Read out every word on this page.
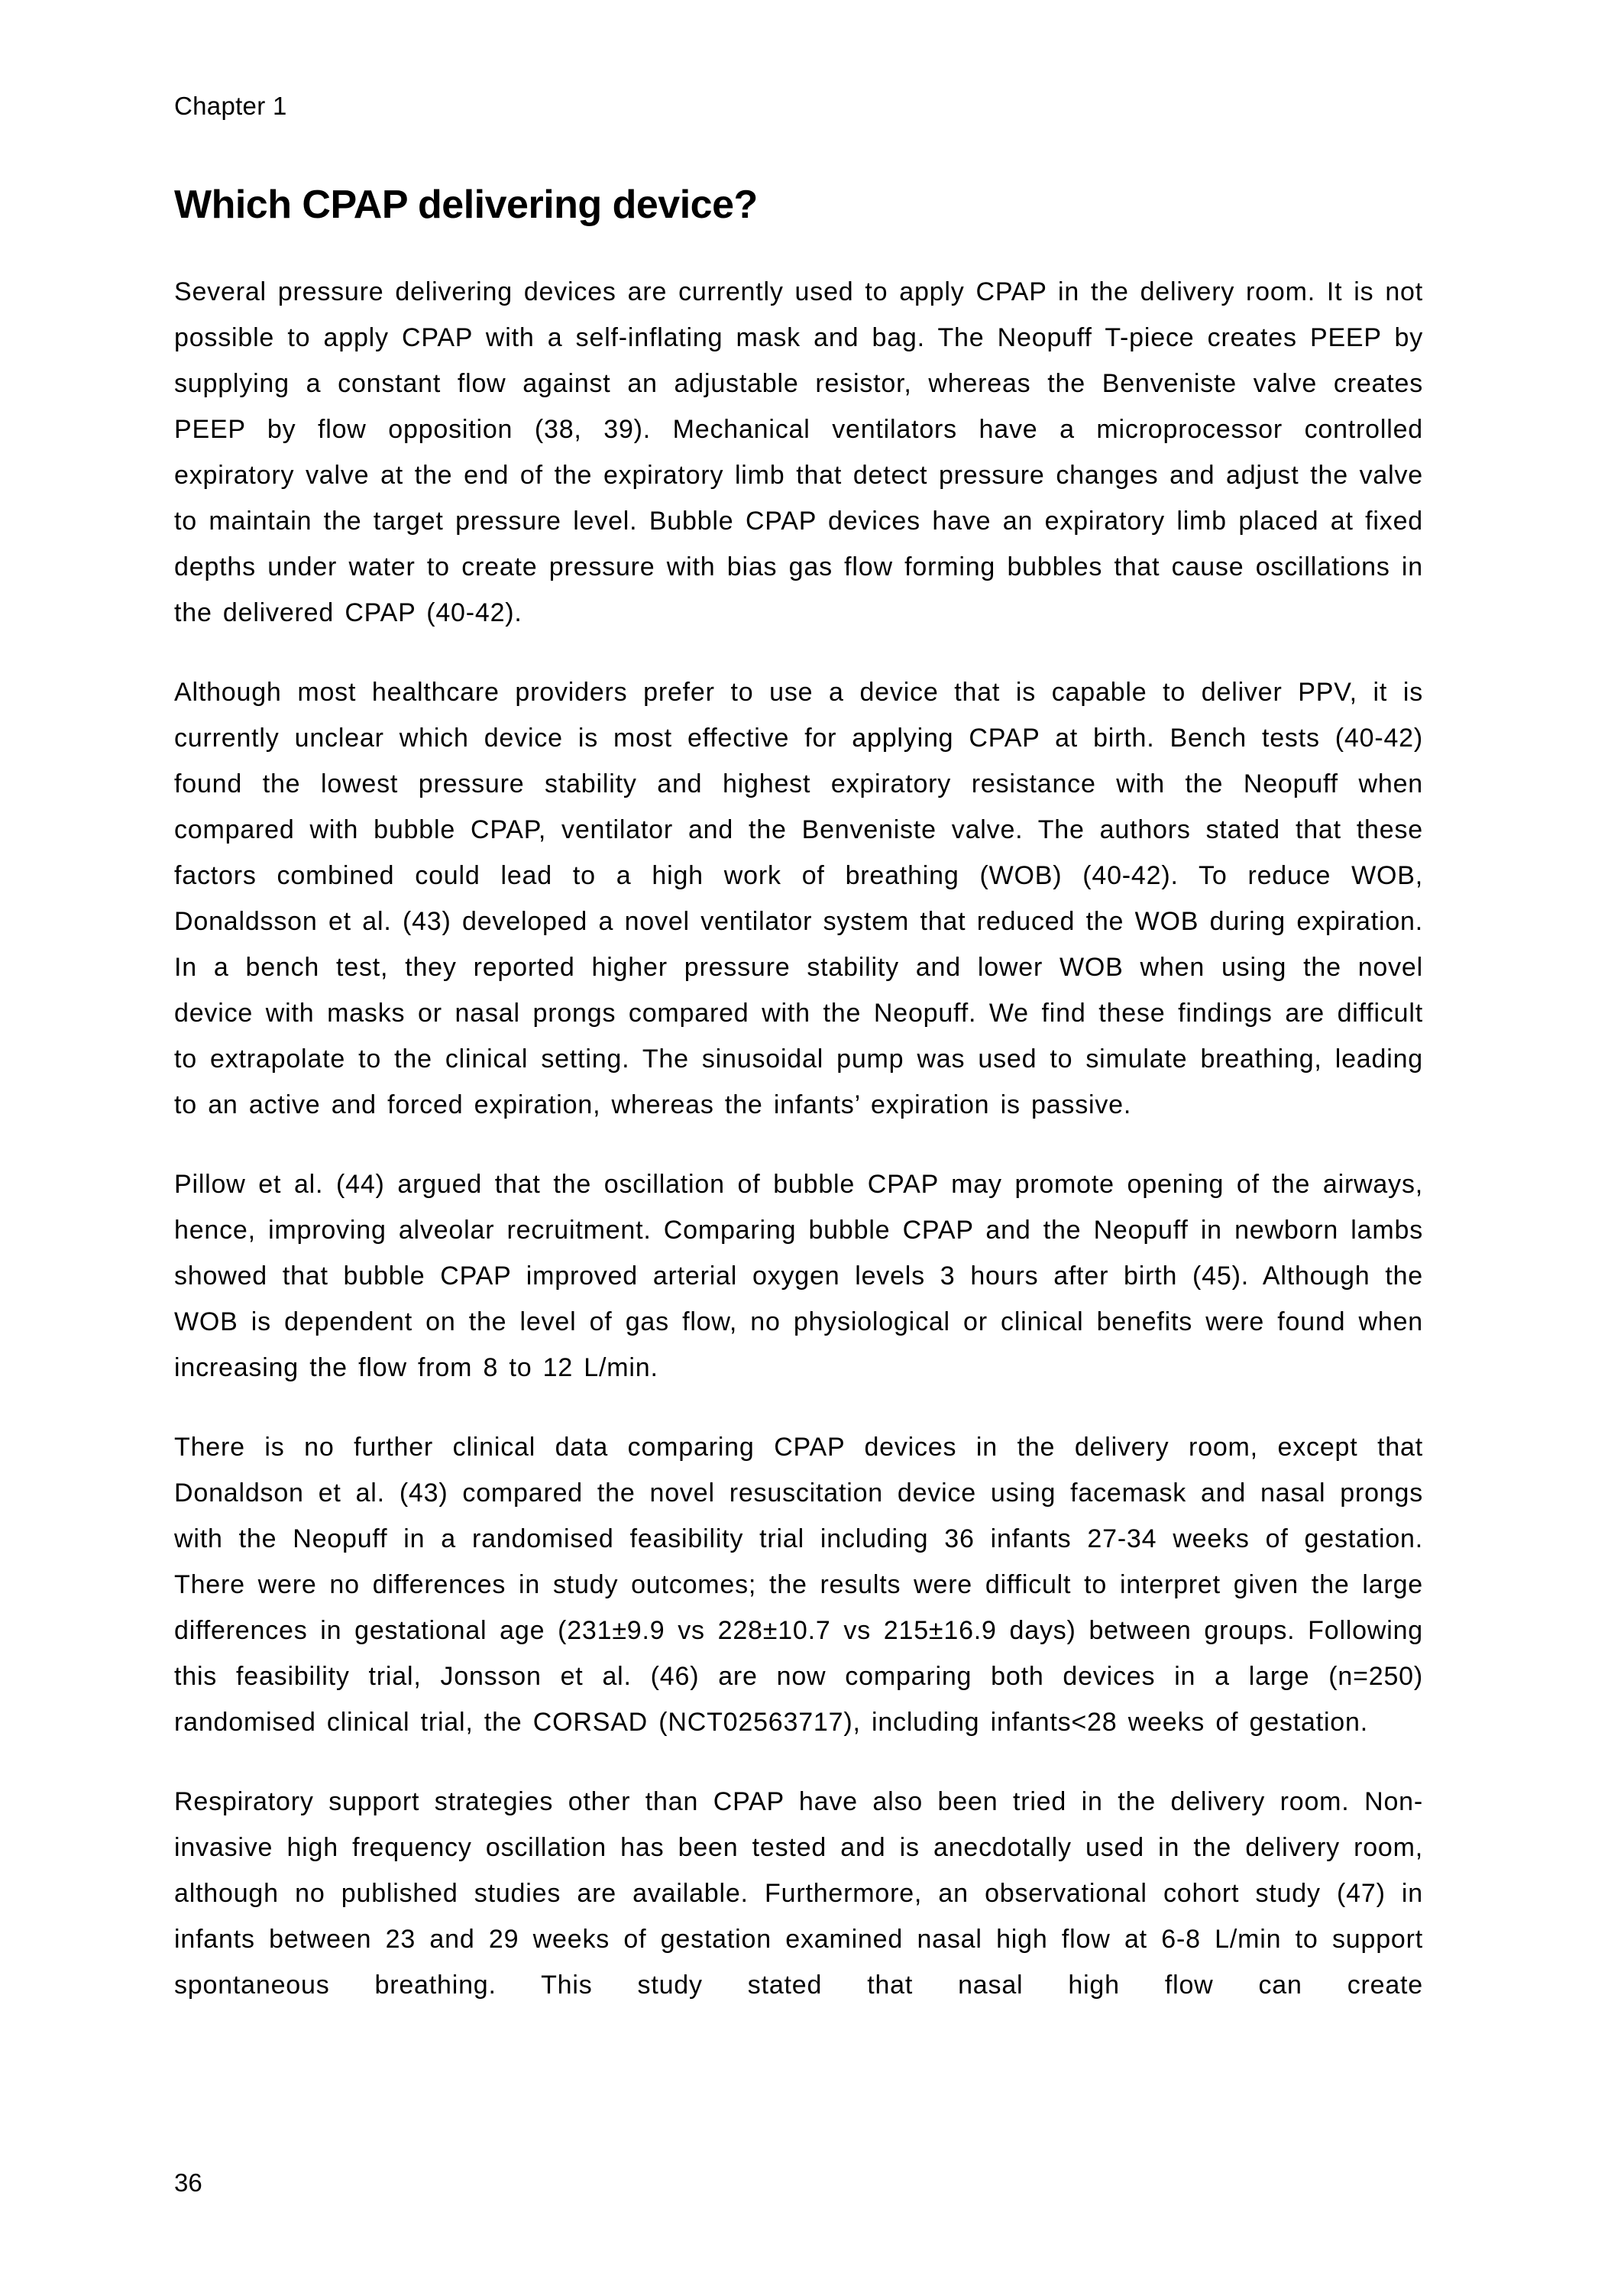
Chapter 1
Which CPAP delivering device?

Several pressure delivering devices are currently used to apply CPAP in the delivery room. It is not possible to apply CPAP with a self-inflating mask and bag. The Neopuff T-piece creates PEEP by supplying a constant flow against an adjustable resistor, whereas the Benveniste valve creates PEEP by flow opposition (38, 39). Mechanical ventilators have a microprocessor controlled expiratory valve at the end of the expiratory limb that detect pressure changes and adjust the valve to maintain the target pressure level. Bubble CPAP devices have an expiratory limb placed at fixed depths under water to create pressure with bias gas flow forming bubbles that cause oscillations in the delivered CPAP (40-42).

Although most healthcare providers prefer to use a device that is capable to deliver PPV, it is currently unclear which device is most effective for applying CPAP at birth. Bench tests (40-42) found the lowest pressure stability and highest expiratory resistance with the Neopuff when compared with bubble CPAP, ventilator and the Benveniste valve. The authors stated that these factors combined could lead to a high work of breathing (WOB) (40-42). To reduce WOB, Donaldsson et al. (43) developed a novel ventilator system that reduced the WOB during expiration. In a bench test, they reported higher pressure stability and lower WOB when using the novel device with masks or nasal prongs compared with the Neopuff. We find these findings are difficult to extrapolate to the clinical setting. The sinusoidal pump was used to simulate breathing, leading to an active and forced expiration, whereas the infants’ expiration is passive.

Pillow et al. (44) argued that the oscillation of bubble CPAP may promote opening of the airways, hence, improving alveolar recruitment. Comparing bubble CPAP and the Neopuff in newborn lambs showed that bubble CPAP improved arterial oxygen levels 3 hours after birth (45). Although the WOB is dependent on the level of gas flow, no physiological or clinical benefits were found when increasing the flow from 8 to 12 L/min.

There is no further clinical data comparing CPAP devices in the delivery room, except that Donaldson et al. (43) compared the novel resuscitation device using facemask and nasal prongs with the Neopuff in a randomised feasibility trial including 36 infants 27-34 weeks of gestation. There were no differences in study outcomes; the results were difficult to interpret given the large differences in gestational age (231±9.9 vs 228±10.7 vs 215±16.9 days) between groups. Following this feasibility trial, Jonsson et al. (46) are now comparing both devices in a large (n=250) randomised clinical trial, the CORSAD (NCT02563717), including infants<28 weeks of gestation.

Respiratory support strategies other than CPAP have also been tried in the delivery room. Non-invasive high frequency oscillation has been tested and is anecdotally used in the delivery room, although no published studies are available. Furthermore, an observational cohort study (47) in infants between 23 and 29 weeks of gestation examined nasal high flow at 6-8 L/min to support spontaneous breathing. This study stated that nasal high flow can create

36
